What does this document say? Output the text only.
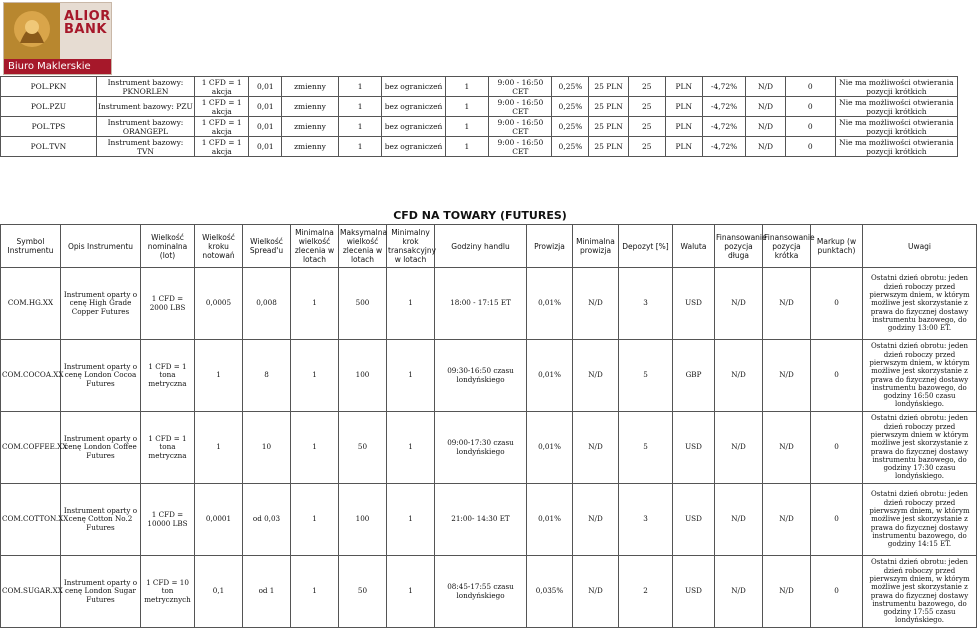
ALIOR
BANK
Biuro Maklerskie
POL.PKN	Instrument bazowy: PKNORLEN	1 CFD = 1 akcja	0,01	zmienny	1	bez ograniczeń	1	9:00 - 16:50 CET	0,25%	25 PLN	25	PLN	-4,72%	N/D	0	Nie ma możliwości otwierania pozycji krótkich
POL.PZU	Instrument bazowy: PZU	1 CFD = 1 akcja	0,01	zmienny	1	bez ograniczeń	1	9:00 - 16:50 CET	0,25%	25 PLN	25	PLN	-4,72%	N/D	0	Nie ma możliwości otwierania pozycji krótkich
POL.TPS	Instrument bazowy: ORANGEPL	1 CFD = 1 akcja	0,01	zmienny	1	bez ograniczeń	1	9:00 - 16:50 CET	0,25%	25 PLN	25	PLN	-4,72%	N/D	0	Nie ma możliwości otwierania pozycji krótkich
POL.TVN	Instrument bazowy: TVN	1 CFD = 1 akcja	0,01	zmienny	1	bez ograniczeń	1	9:00 - 16:50 CET	0,25%	25 PLN	25	PLN	-4,72%	N/D	0	Nie ma możliwości otwierania pozycji krótkich
CFD NA TOWARY (FUTURES)
Symbol Instrumentu	Opis Instrumentu	Wielkość nominalna (lot)	Wielkość kroku notowań	Wielkość Spread'u	Minimalna wielkość zlecenia w lotach	Maksymalna wielkość zlecenia w lotach	Minimalny krok transakcyjny w lotach	Godziny handlu	Prowizja	Minimalna prowizja	Depozyt [%]	Waluta	Finansowanie pozycja długa	Finansowanie pozycja krótka	Markup (w punktach)	Uwagi
COM.HG.XX	Instrument oparty o cenę High Grade Copper Futures	1 CFD = 2000 LBS	0,0005	0,008	1	500	1	18:00 - 17:15 ET	0,01%	N/D	3	USD	N/D	N/D	0	Ostatni dzień obrotu: jeden dzień roboczy przed pierwszym dniem, w którym możliwe jest skorzystanie z prawa do fizycznej dostawy instrumentu bazowego, do godziny 13:00 ET.
COM.COCOA.XX	Instrument oparty o cenę London Cocoa Futures	1 CFD = 1 tona metryczna	1	8	1	100	1	09:30-16:50 czasu londyńskiego	0,01%	N/D	5	GBP	N/D	N/D	0	Ostatni dzień obrotu: jeden dzień roboczy przed pierwszym dniem, w którym możliwe jest skorzystanie z prawa do fizycznej dostawy instrumentu bazowego, do godziny 16:50 czasu londyńskiego.
COM.COFFEE.XX	Instrument oparty o cenę London Coffee Futures	1 CFD = 1 tona metryczna	1	10	1	50	1	09:00-17:30 czasu londyńskiego	0,01%	N/D	5	USD	N/D	N/D	0	Ostatni dzień obrotu: jeden dzień roboczy przed pierwszym dniem w którym możliwe jest skorzystanie z prawa do fizycznej dostawy instrumentu bazowego, do godziny 17:30 czasu londyńskiego.
COM.COTTON.XX	Instrument oparty o cenę Cotton No.2 Futures	1 CFD = 10000 LBS	0,0001	od 0,03	1	100	1	21:00- 14:30 ET	0,01%	N/D	3	USD	N/D	N/D	0	Ostatni dzień obrotu: jeden dzień roboczy przed pierwszym dniem, w którym możliwe jest skorzystanie z prawa do fizycznej dostawy instrumentu bazowego, do godziny 14:15 ET.
COM.SUGAR.XX	Instrument oparty o cenę London Sugar Futures	1 CFD = 10 ton metrycznych	0,1	od 1	1	50	1	08:45-17:55 czasu londyńskiego	0,035%	N/D	2	USD	N/D	N/D	0	Ostatni dzień obrotu: jeden dzień roboczy przed pierwszym dniem, w którym możliwe jest skorzystanie z prawa do fizycznej dostawy instrumentu bazowego, do godziny 17:55 czasu londyńskiego.
